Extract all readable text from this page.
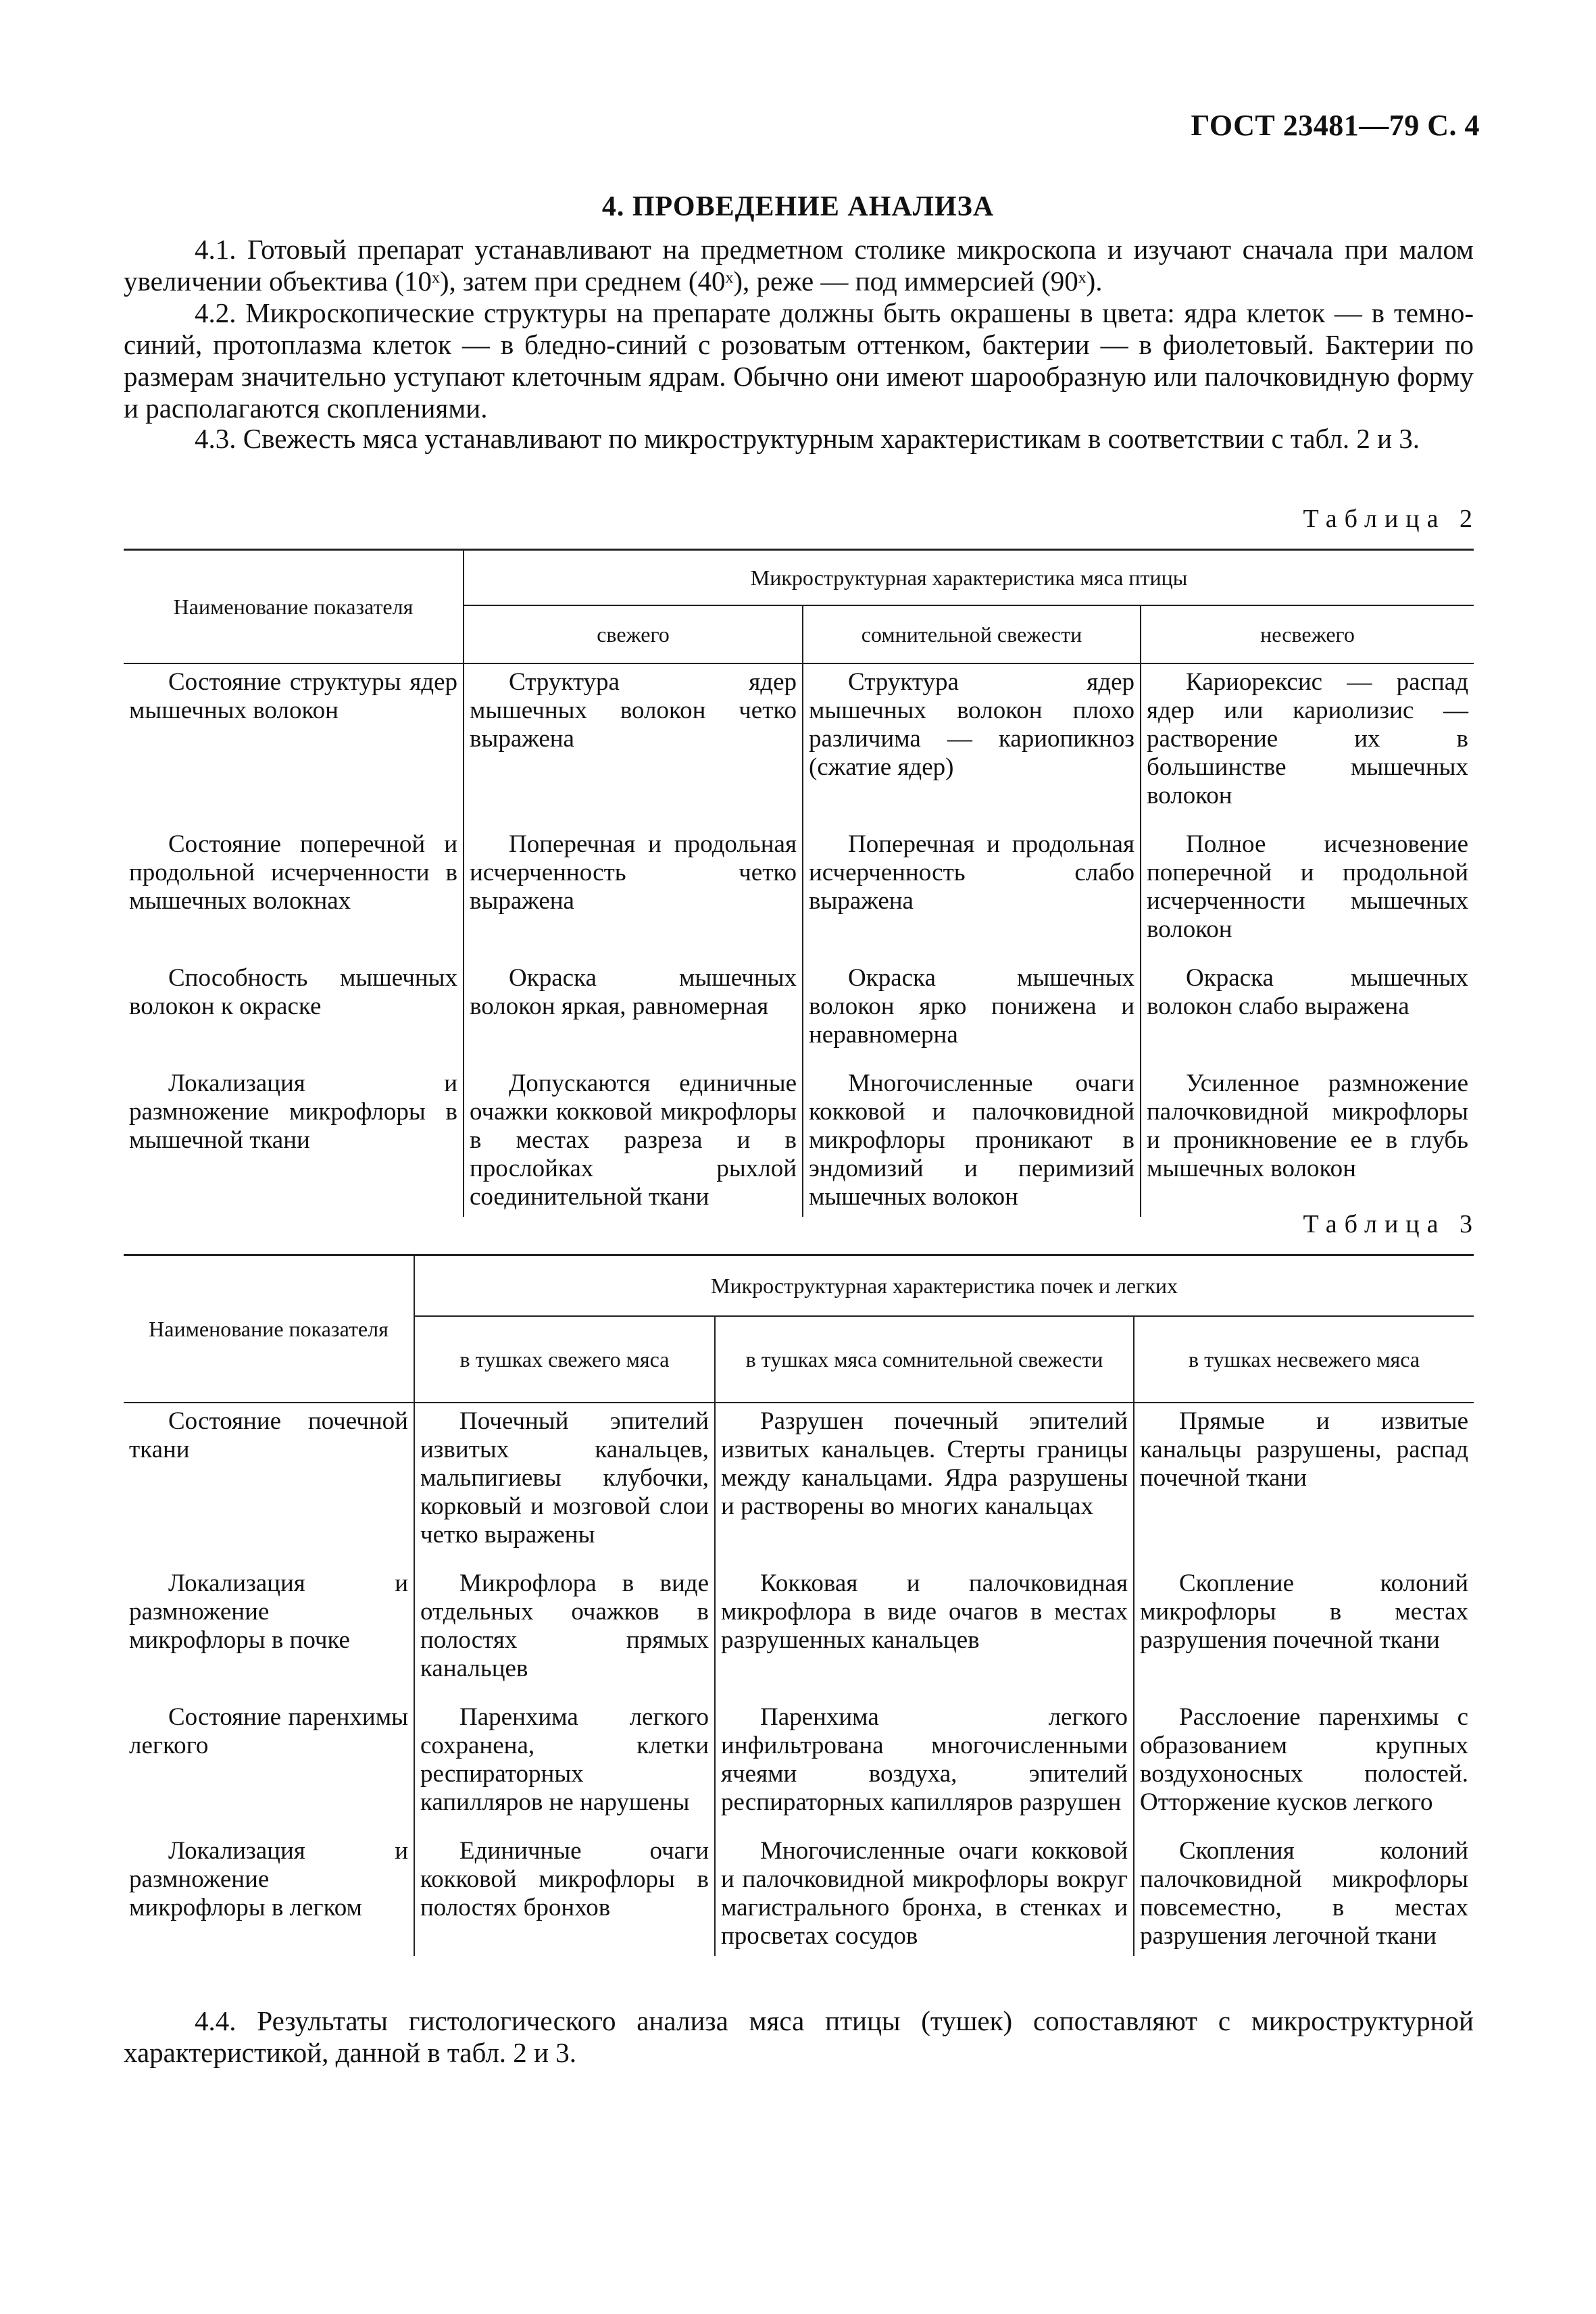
ГОСТ 23481—79 С. 4
4. ПРОВЕДЕНИЕ АНАЛИЗА

4.1. Готовый препарат устанавливают на предметном столике микроскопа и изучают сначала при малом увеличении объектива (10ˣ), затем при среднем (40ˣ), реже — под иммерсией (90ˣ).

4.2. Микроскопические структуры на препарате должны быть окрашены в цвета: ядра клеток — в темно-синий, протоплазма клеток — в бледно-синий с розоватым оттенком, бактерии — в фиолетовый. Бактерии по размерам значительно уступают клеточным ядрам. Обычно они имеют шарообразную или палочковидную форму и располагаются скоплениями.

4.3. Свежесть мяса устанавливают по микроструктурным характеристикам в соответствии с табл. 2 и 3.

Таблица 2
Наименование показателя	Микроструктурная характеристика мяса птицы		
	свежего	сомнительной свежести	несвежего

Состояние структуры ядер мышечных волокон	Структура ядер мышечных волокон четко выражена	Структура ядер мышечных волокон плохо различима — кариопикноз (сжатие ядер)	Кариорексис — распад ядер или кариолизис — растворение их в большинстве мышечных волокон

Состояние поперечной и продольной исчерченности в мышечных волокнах	Поперечная и продольная исчерченность четко выражена	Поперечная и продольная исчерченность слабо выражена	Полное исчезновение поперечной и продольной исчерченности мышечных волокон

Способность мышечных волокон к окраске	Окраска мышечных волокон яркая, равномерная	Окраска мышечных волокон ярко понижена и неравномерна	Окраска мышечных волокон слабо выражена

Локализация и размножение микрофлоры в мышечной ткани	Допускаются единичные очажки кокковой микрофлоры в местах разреза и в прослойках рыхлой соединительной ткани	Многочисленные очаги кокковой и палочковидной микрофлоры проникают в эндомизий и перимизий мышечных волокон	Усиленное размножение палочковидной микрофлоры и проникновение ее в глубь мышечных волокон
Таблица 3
Наименование показателя	Микроструктурная характеристика почек и легких		
	в тушках свежего мяса	в тушках мяса сомнительной свежести	в тушках несвежего мяса

Состояние почечной ткани	Почечный эпителий извитых канальцев, мальпигиевы клубочки, корковый и мозговой слои четко выражены	Разрушен почечный эпителий извитых канальцев. Стерты границы между канальцами. Ядра разрушены и растворены во многих канальцах	Прямые и извитые канальцы разрушены, распад почечной ткани

Локализация и размножение микрофлоры в почке	Микрофлора в виде отдельных очажков в полостях прямых канальцев	Кокковая и палочковидная микрофлора в виде очагов в местах разрушенных канальцев	Скопление колоний микрофлоры в местах разрушения почечной ткани

Состояние паренхимы легкого	Паренхима легкого сохранена, клетки респираторных капилляров не нарушены	Паренхима легкого инфильтрована многочисленными ячеями воздуха, эпителий респираторных капилляров разрушен	Расслоение паренхимы с образованием крупных воздухоносных полостей. Отторжение кусков легкого

Локализация и размножение микрофлоры в легком	Единичные очаги кокковой микрофлоры в полостях бронхов	Многочисленные очаги кокковой и палочковидной микрофлоры вокруг магистрального бронха, в стенках и просветах сосудов	Скопления колоний палочковидной микрофлоры повсеместно, в местах разрушения легочной ткани

4.4. Результаты гистологического анализа мяса птицы (тушек) сопоставляют с микроструктурной характеристикой, данной в табл. 2 и 3.
